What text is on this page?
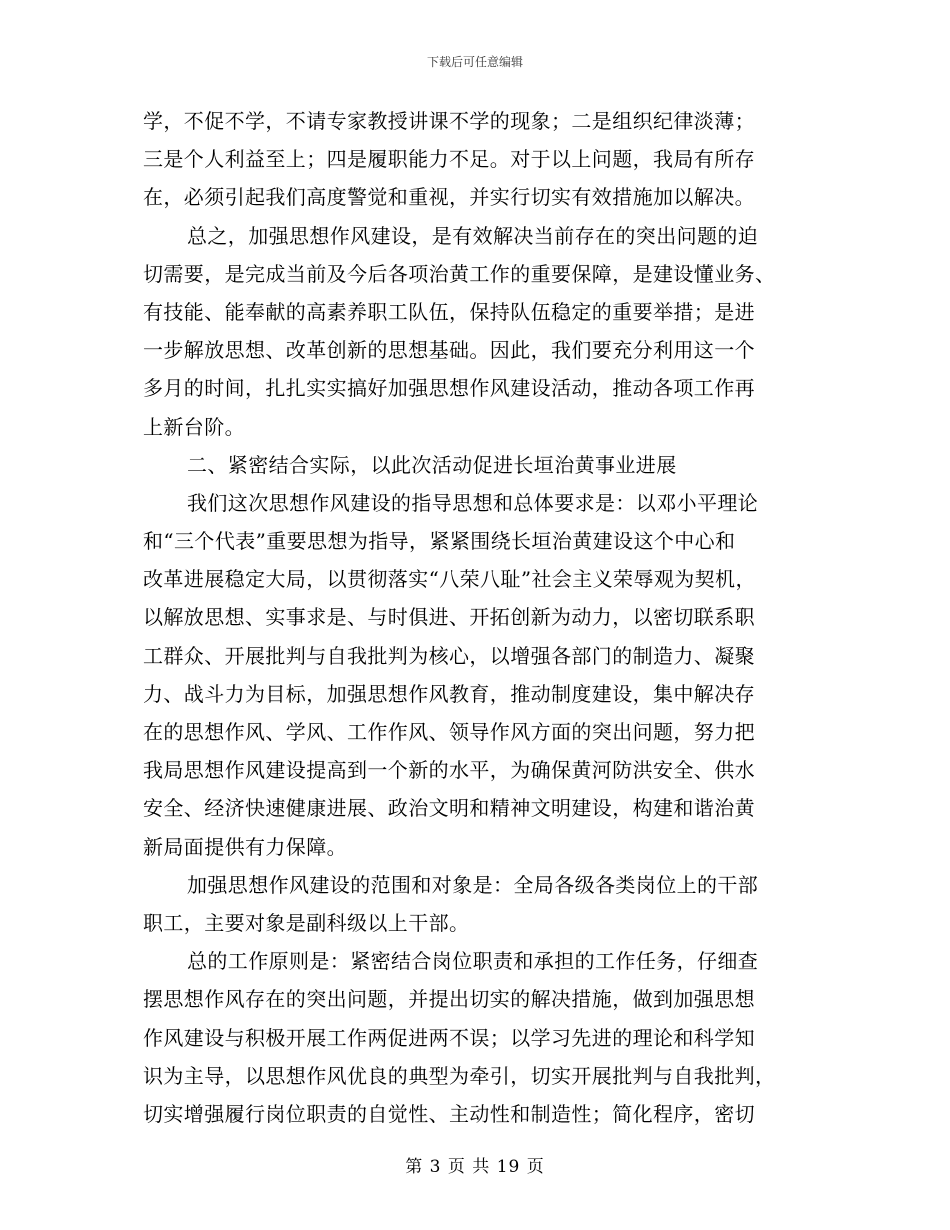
下载后可任意编辑
学，不促不学，不请专家教授讲课不学的现象；二是组织纪律淡薄；
三是个人利益至上；四是履职能力不足。对于以上问题，我局有所存
在，必须引起我们高度警觉和重视，并实行切实有效措施加以解决。
总之，加强思想作风建设，是有效解决当前存在的突出问题的迫
切需要，是完成当前及今后各项治黄工作的重要保障，是建设懂业务、
有技能、能奉献的高素养职工队伍，保持队伍稳定的重要举措；是进
一步解放思想、改革创新的思想基础。因此，我们要充分利用这一个
多月的时间，扎扎实实搞好加强思想作风建设活动，推动各项工作再
上新台阶。
二、紧密结合实际，以此次活动促进长垣治黄事业进展
我们这次思想作风建设的指导思想和总体要求是：以邓小平理论
和“三个代表”重要思想为指导，紧紧围绕长垣治黄建设这个中心和
改革进展稳定大局，以贯彻落实“八荣八耻”社会主义荣辱观为契机，
以解放思想、实事求是、与时俱进、开拓创新为动力，以密切联系职
工群众、开展批判与自我批判为核心，以增强各部门的制造力、凝聚
力、战斗力为目标，加强思想作风教育，推动制度建设，集中解决存
在的思想作风、学风、工作作风、领导作风方面的突出问题，努力把
我局思想作风建设提高到一个新的水平，为确保黄河防洪安全、供水
安全、经济快速健康进展、政治文明和精神文明建设，构建和谐治黄
新局面提供有力保障。
加强思想作风建设的范围和对象是：全局各级各类岗位上的干部
职工，主要对象是副科级以上干部。
总的工作原则是：紧密结合岗位职责和承担的工作任务，仔细查
摆思想作风存在的突出问题，并提出切实的解决措施，做到加强思想
作风建设与积极开展工作两促进两不误；以学习先进的理论和科学知
识为主导，以思想作风优良的典型为牵引，切实开展批判与自我批判，
切实增强履行岗位职责的自觉性、主动性和制造性；简化程序，密切
第 3 页 共 19 页
